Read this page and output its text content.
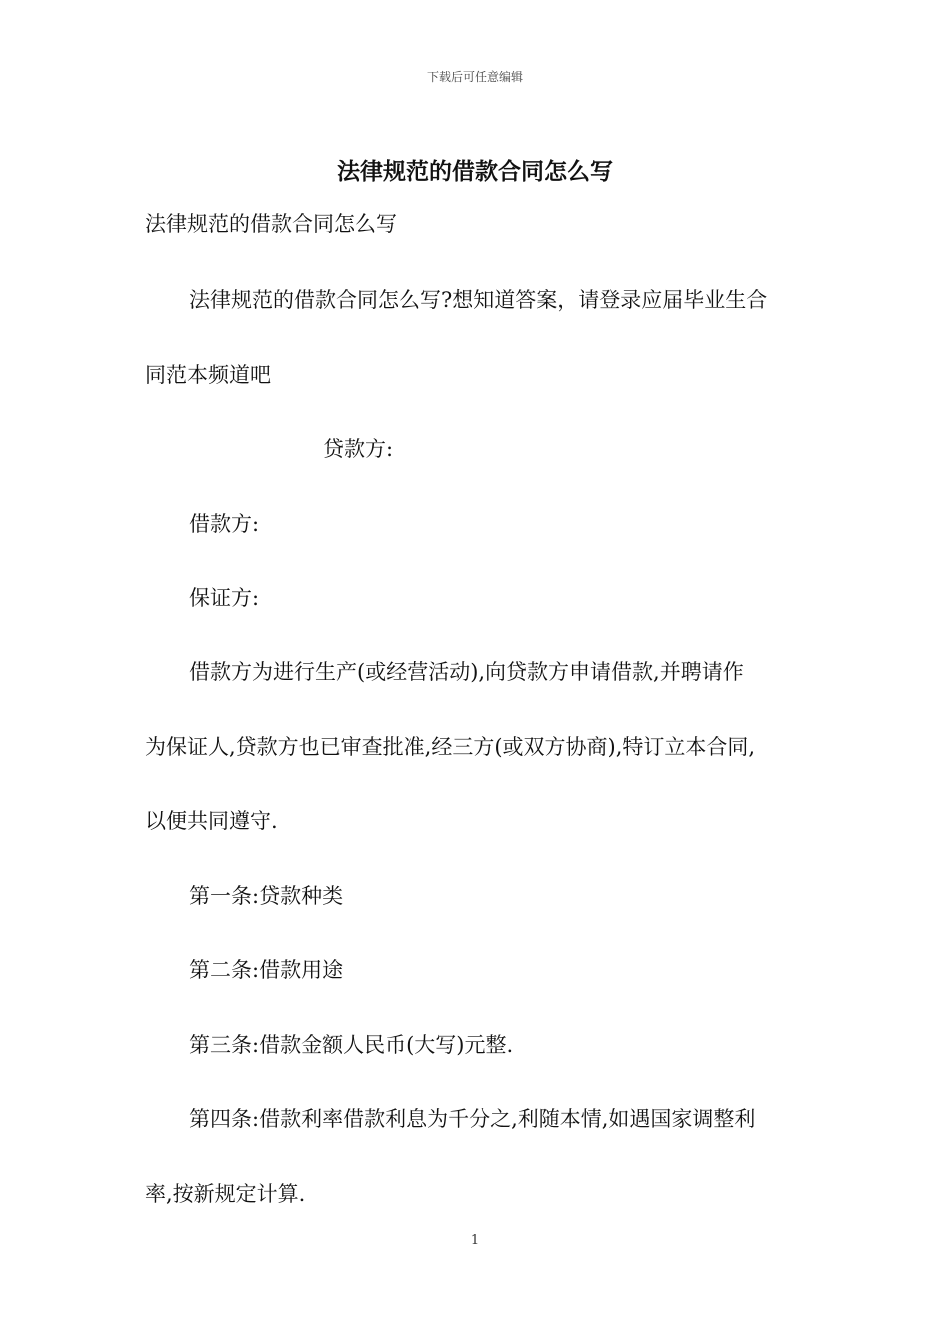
下载后可任意编辑
法律规范的借款合同怎么写
法律规范的借款合同怎么写
法律规范的借款合同怎么写?想知道答案，请登录应届毕业生合
同范本频道吧
贷款方:
借款方:
保证方:
借款方为进行生产(或经营活动),向贷款方申请借款,并聘请作
为保证人,贷款方也已审查批准,经三方(或双方协商),特订立本合同,
以便共同遵守.
第一条:贷款种类
第二条:借款用途
第三条:借款金额人民币(大写)元整.
第四条:借款利率借款利息为千分之,利随本情,如遇国家调整利
率,按新规定计算.
1
